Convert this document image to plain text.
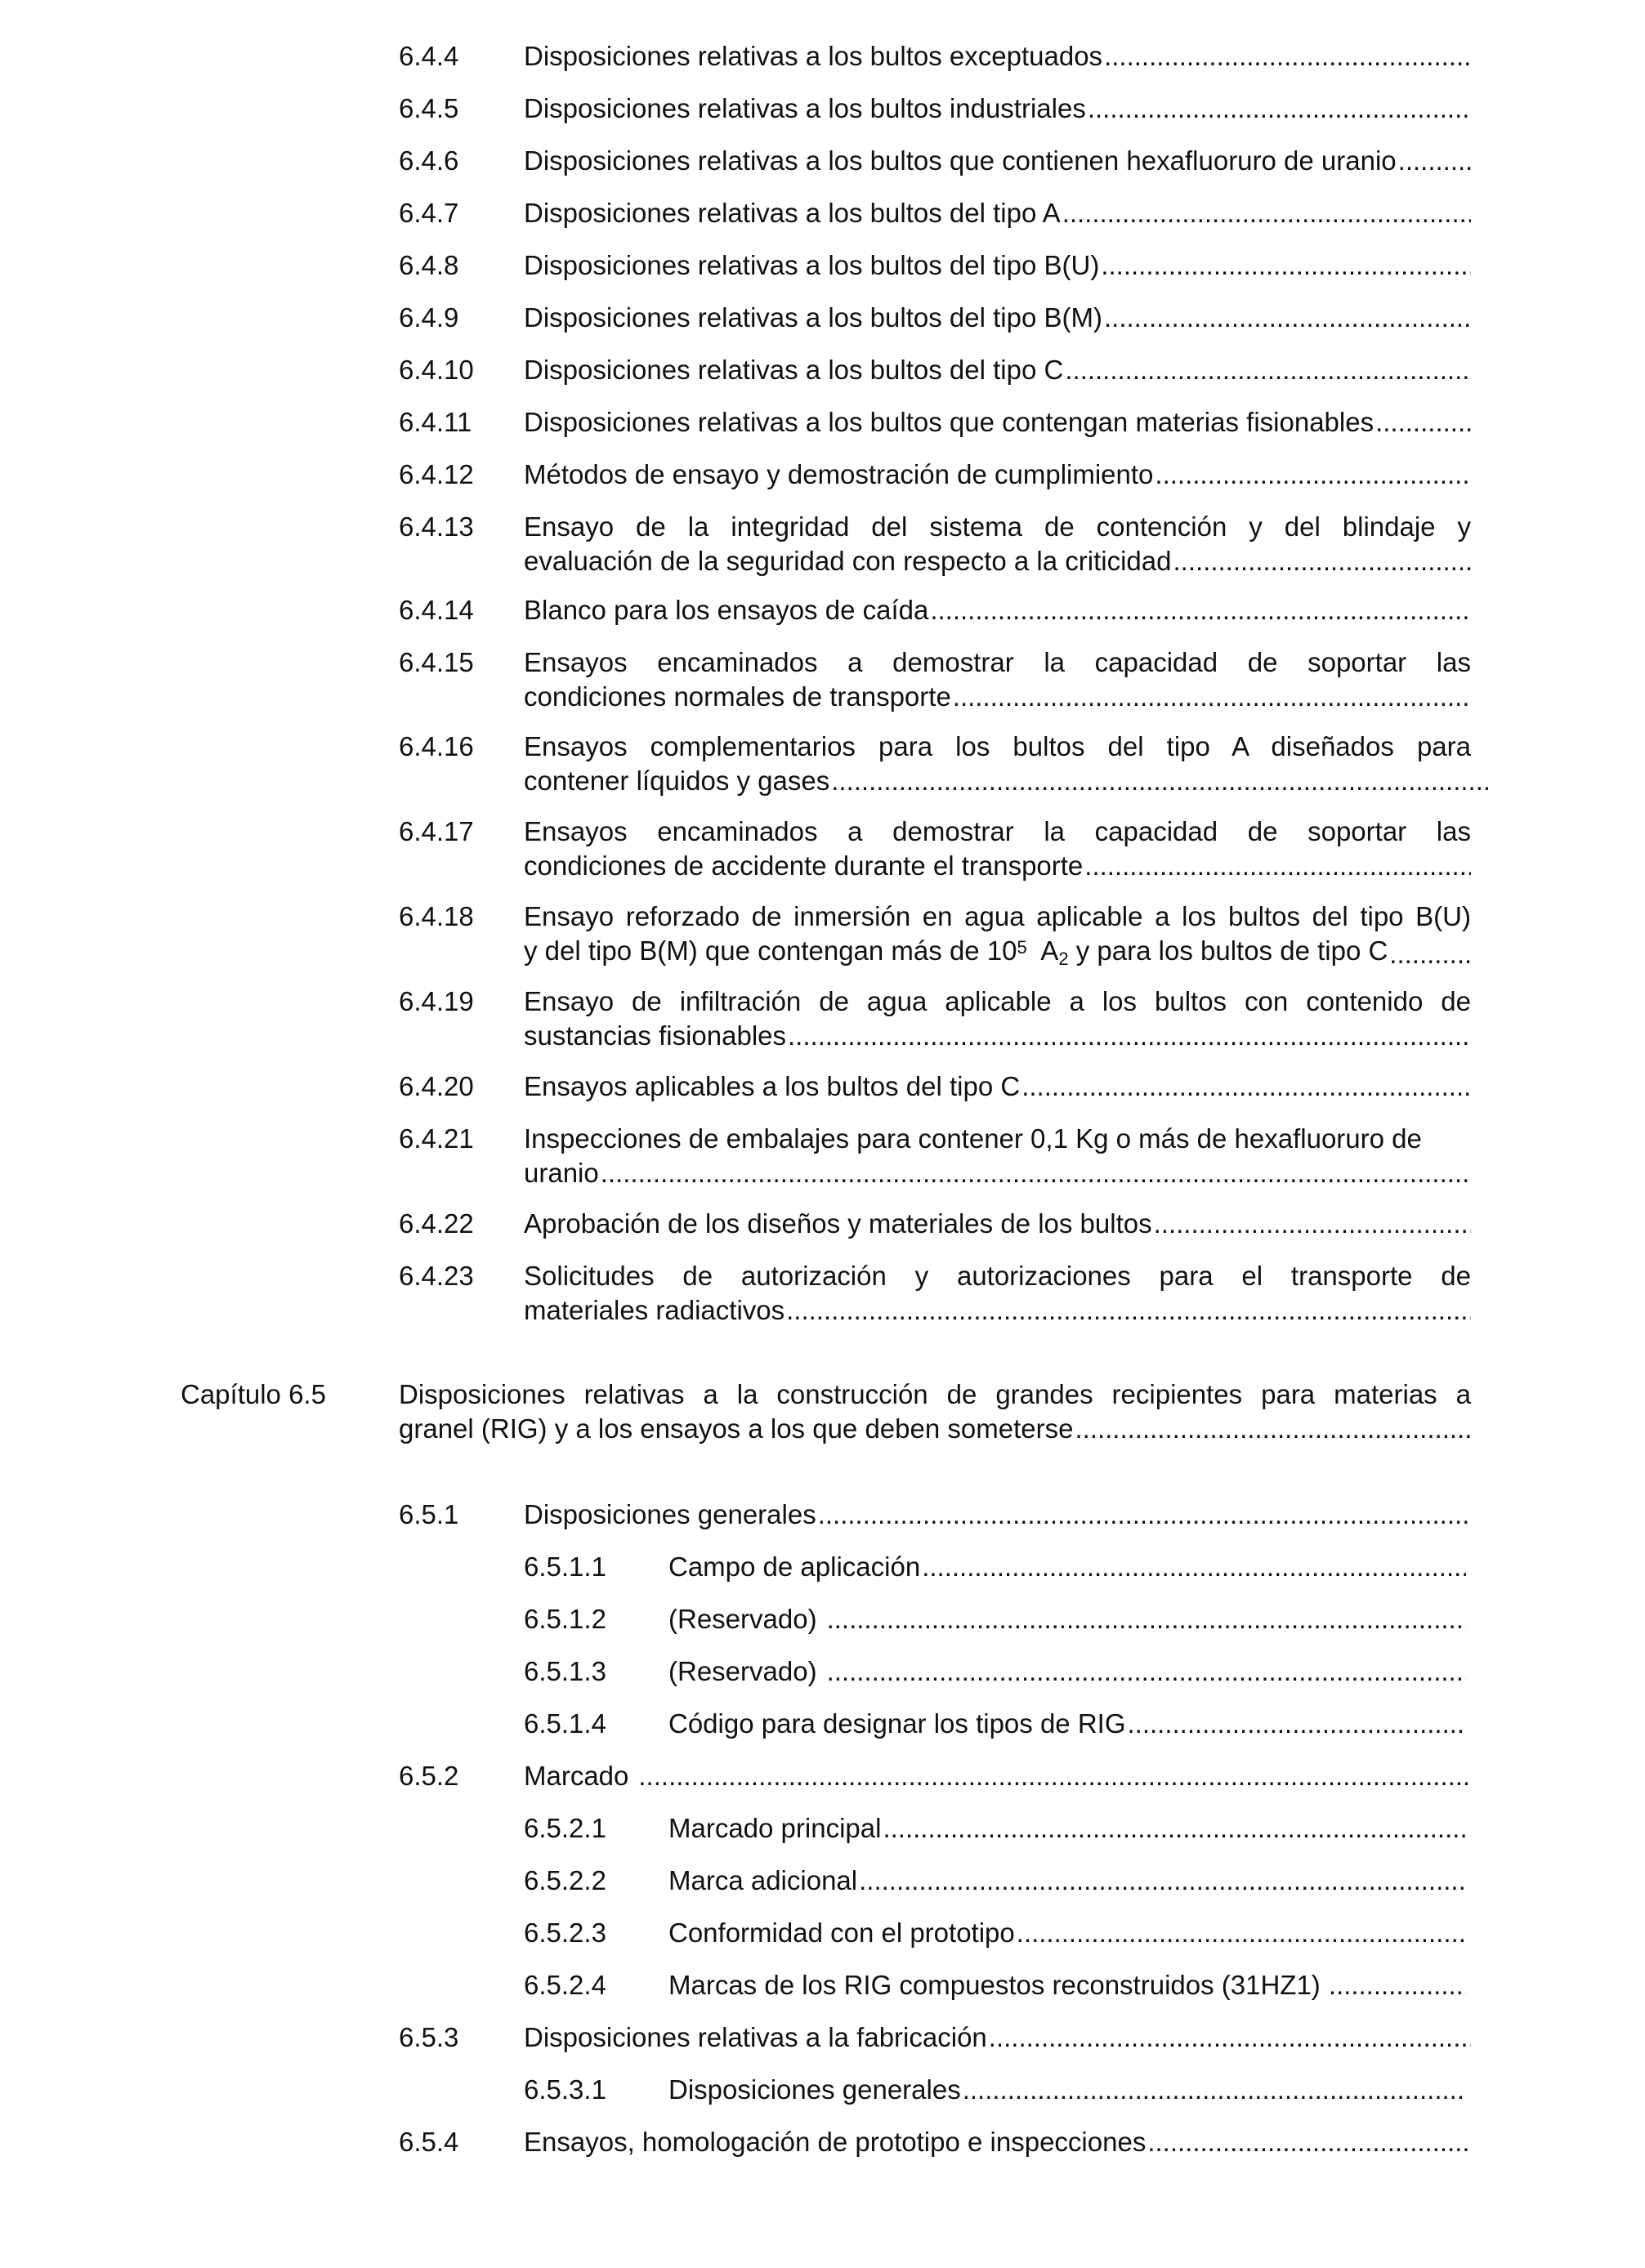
6.4.4 Disposiciones relativas a los bultos exceptuados
.....
6.4.5 Disposiciones relativas a los bultos industriales
.....
6.4.6 Disposiciones relativas a los bultos que contienen hexafluoruro de uranio
.....
6.4.7 Disposiciones relativas a los bultos del tipo A
.....
6.4.8 Disposiciones relativas a los bultos del tipo B(U)
.....
6.4.9 Disposiciones relativas a los bultos del tipo B(M)
.....
6.4.10 Disposiciones relativas a los bultos del tipo C
.....
6.4.11 Disposiciones relativas a los bultos que contengan materias fisionables
.....
6.4.12 Métodos de ensayo y demostración de cumplimiento
.....
6.4.13 Ensayo de la integridad del sistema de contención y del blindaje y
evaluación de la seguridad con respecto a la criticidad
.....
6.4.14 Blanco para los ensayos de caída
.....
6.4.15 Ensayos encaminados a demostrar la capacidad de soportar las
condiciones normales de transporte
.....
6.4.16 Ensayos complementarios para los bultos del tipo A diseñados para
contener líquidos y gases
.....
6.4.17 Ensayos encaminados a demostrar la capacidad de soportar las
condiciones de accidente durante el transporte
.....
6.4.18 Ensayo reforzado de inmersión en agua aplicable a los bultos del tipo B(U)
y del tipo B(M) que contengan más de $10^5$ $A_2$ y para los bultos de tipo C
.....
6.4.19 Ensayo de infiltración de agua aplicable a los bultos con contenido de
sustancias fisionables
.....
6.4.20 Ensayos aplicables a los bultos del tipo C
.....
6.4.21 Inspecciones de embalajes para contener 0,1 Kg o más de hexafluoruro de
uranio
.....
6.4.22 Aprobación de los diseños y materiales de los bultos
.....
6.4.23 Solicitudes de autorización y autorizaciones para el transporte de
materiales radiactivos
.....
Capítulo 6.5	Disposiciones relativas a la construcción de grandes recipientes para materias a
granel (RIG) y a los ensayos a los que deben someterse
.....
6.5.1 Disposiciones generales
.....
6.5.1.1 Campo de aplicación
.....
6.5.1.2 (Reservado)
.....
6.5.1.3 (Reservado)
.....
6.5.1.4 Código para designar los tipos de RIG
.....
6.5.2 Marcado
.....
6.5.2.1 Marcado principal
.....
6.5.2.2 Marca adicional
.....
6.5.2.3 Conformidad con el prototipo
.....
6.5.2.4 Marcas de los RIG compuestos reconstruidos (31HZ1)
.....
6.5.3 Disposiciones relativas a la fabricación
.....
6.5.3.1 Disposiciones generales
.....
6.5.4 Ensayos, homologación de prototipo e inspecciones
.....
